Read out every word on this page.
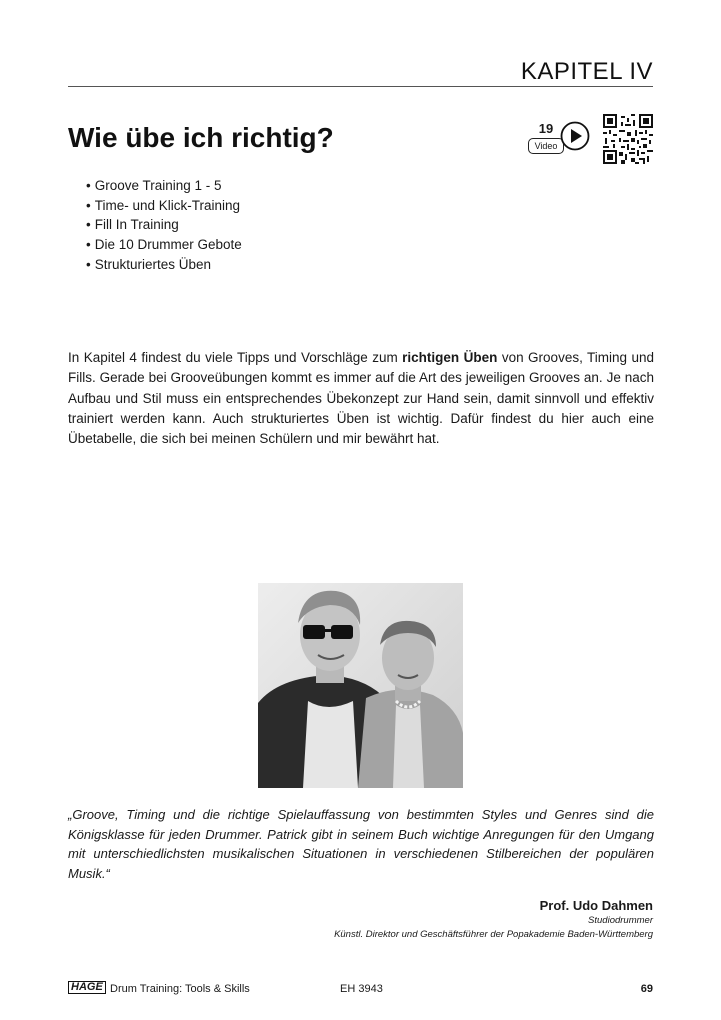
KAPITEL IV
Wie übe ich richtig?	19
Video
• Groove Training 1 - 5
• Time- und Klick-Training
• Fill In Training
• Die 10 Drummer Gebote
• Strukturiertes Üben

In Kapitel 4 findest du viele Tipps und Vorschläge zum richtigen Üben von Grooves, Timing und Fills. Gerade bei Grooveübungen kommt es immer auf die Art des jeweiligen Grooves an. Je nach Aufbau und Stil muss ein entsprechendes Übekonzept zur Hand sein, damit sinnvoll und effektiv trainiert werden kann. Auch strukturiertes Üben ist wichtig. Dafür findest du hier auch eine Übetabelle, die sich bei meinen Schülern und mir bewährt hat.

„Groove, Timing und die richtige Spielauffassung von bestimmten Styles und Genres sind die Königsklasse für jeden Drummer. Patrick gibt in seinem Buch wichtige Anregungen für den Umgang mit unterschiedlichsten musikalischen Situationen in verschiedenen Stilbereichen der populären Musik.“

Prof. Udo Dahmen
Studiodrummer
Künstl. Direktor und Geschäftsführer der Popakademie Baden-Württemberg
HAGE Drum Training: Tools & Skills	EH 3943	69
